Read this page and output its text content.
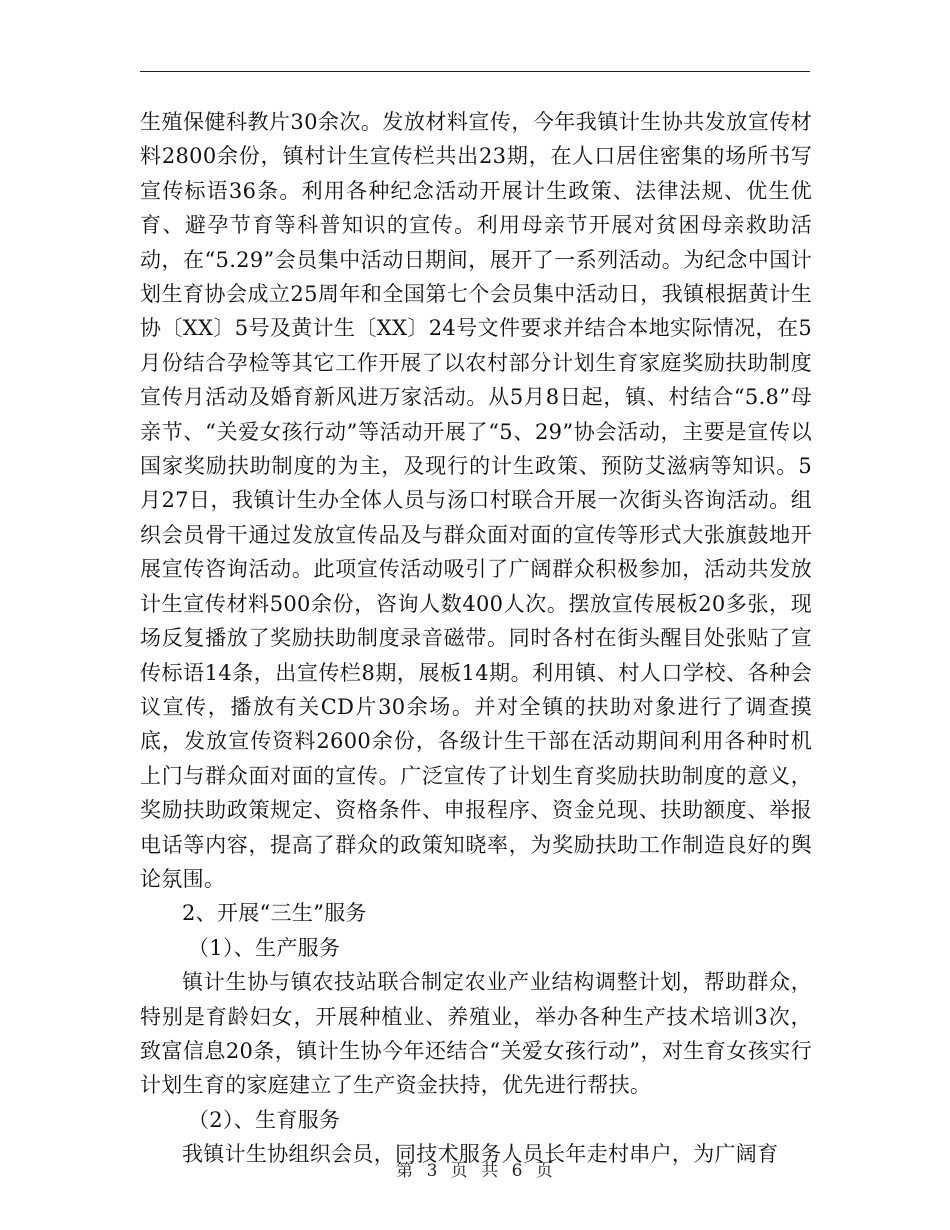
生殖保健科教片30余次。发放材料宣传，今年我镇计生协共发放宣传材料2800余份，镇村计生宣传栏共出23期，在人口居住密集的场所书写宣传标语36条。利用各种纪念活动开展计生政策、法律法规、优生优育、避孕节育等科普知识的宣传。利用母亲节开展对贫困母亲救助活动，在“5.29”会员集中活动日期间，展开了一系列活动。为纪念中国计划生育协会成立25周年和全国第七个会员集中活动日，我镇根据黄计生协〔XX〕5号及黄计生〔XX〕24号文件要求并结合本地实际情况，在5月份结合孕检等其它工作开展了以农村部分计划生育家庭奖励扶助制度宣传月活动及婚育新风进万家活动。从5月8日起，镇、村结合“5.8”母亲节、“关爱女孩行动”等活动开展了“5、29”协会活动，主要是宣传以国家奖励扶助制度的为主，及现行的计生政策、预防艾滋病等知识。5月27日，我镇计生办全体人员与汤口村联合开展一次街头咨询活动。组织会员骨干通过发放宣传品及与群众面对面的宣传等形式大张旗鼓地开展宣传咨询活动。此项宣传活动吸引了广阔群众积极参加，活动共发放计生宣传材料500余份，咨询人数400人次。摆放宣传展板20多张，现场反复播放了奖励扶助制度录音磁带。同时各村在街头醒目处张贴了宣传标语14条，出宣传栏8期，展板14期。利用镇、村人口学校、各种会议宣传，播放有关CD片30余场。并对全镇的扶助对象进行了调查摸底，发放宣传资料2600余份，各级计生干部在活动期间利用各种时机上门与群众面对面的宣传。广泛宣传了计划生育奖励扶助制度的意义，奖励扶助政策规定、资格条件、申报程序、资金兑现、扶助额度、举报电话等内容，提高了群众的政策知晓率，为奖励扶助工作制造良好的舆论氛围。

2、开展“三生”服务

（1）、生产服务

镇计生协与镇农技站联合制定农业产业结构调整计划，帮助群众，特别是育龄妇女，开展种植业、养殖业，举办各种生产技术培训3次，致富信息20条，镇计生协今年还结合“关爱女孩行动”，对生育女孩实行计划生育的家庭建立了生产资金扶持，优先进行帮扶。

（2）、生育服务

我镇计生协组织会员，同技术服务人员长年走村串户，为广阔育

第 3 页 共 6 页
